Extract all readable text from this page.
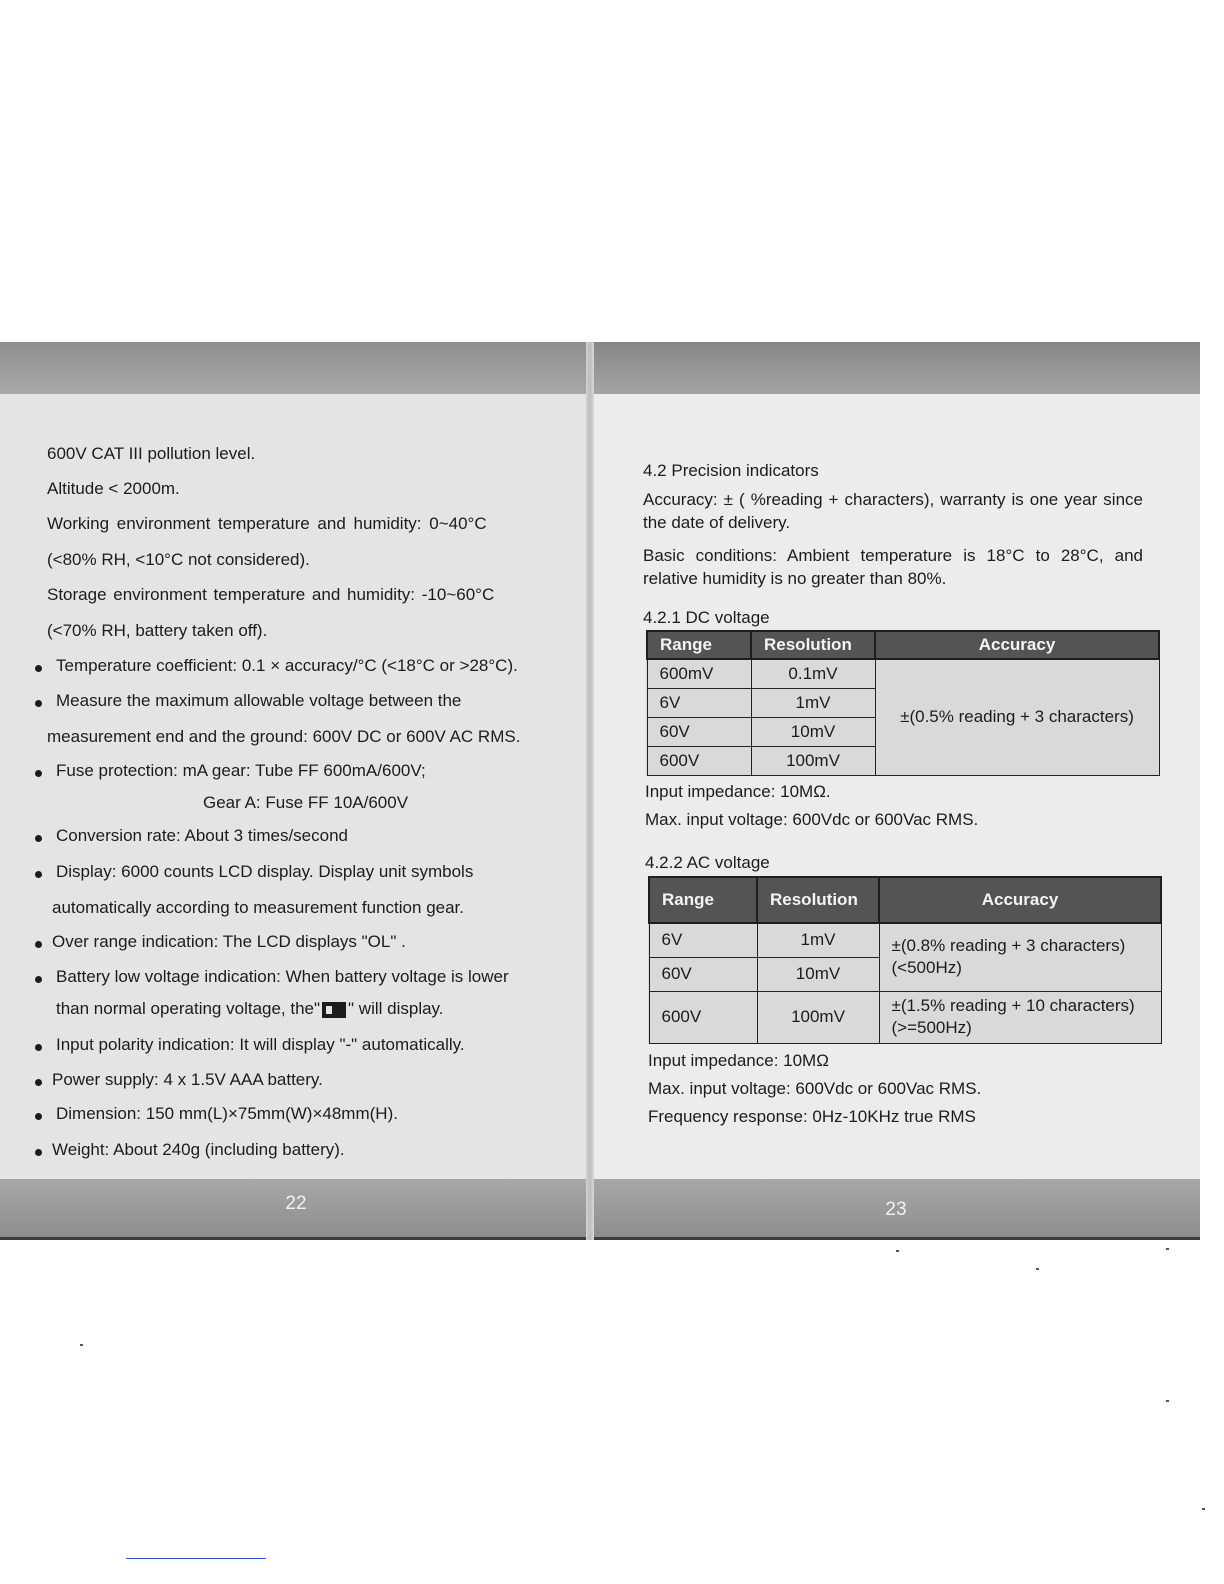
600V CAT III pollution level.
Altitude < 2000m.
Working environment temperature and humidity: 0~40°C
(<80% RH, <10°C not considered).
Storage environment temperature and humidity: -10~60°C
(<70% RH, battery taken off).
Temperature coefficient: 0.1 × accuracy/°C (<18°C or >28°C).
Measure the maximum allowable voltage between the
measurement end and the ground: 600V DC or 600V AC RMS.
Fuse protection: mA gear: Tube FF 600mA/600V;
Gear A: Fuse FF 10A/600V
Conversion rate: About 3 times/second
Display: 6000 counts LCD display. Display unit symbols
automatically according to measurement function gear.
Over range indication: The LCD displays "OL" .
Battery low voltage indication: When battery voltage is lower
than normal operating voltage, the" " will display.
Input polarity indication: It will display "-" automatically.
Power supply: 4 x 1.5V AAA battery.
Dimension: 150 mm(L)×75mm(W)×48mm(H).
Weight: About 240g (including battery).
22	23
4.2 Precision indicators
Accuracy: ± ( %reading + characters), warranty is one year since the date of delivery.
Basic conditions: Ambient temperature is 18°C to 28°C, and relative humidity is no greater than 80%.
4.2.1 DC voltage
Range	Resolution	Accuracy
600mV	0.1mV	±(0.5% reading + 3 characters)
6V	1mV	
60V	10mV	
600V	100mV	
Input impedance: 10MΩ.
Max. input voltage: 600Vdc or 600Vac RMS.
4.2.2 AC voltage
Range	Resolution	Accuracy
6V	1mV	±(0.8% reading + 3 characters)
(<500Hz)

60V	10mV	
600V	100mV	±(1.5% reading + 10 characters)
(>=500Hz)
Input impedance: 10MΩ
Max. input voltage: 600Vdc or 600Vac RMS.
Frequency response: 0Hz-10KHz true RMS
